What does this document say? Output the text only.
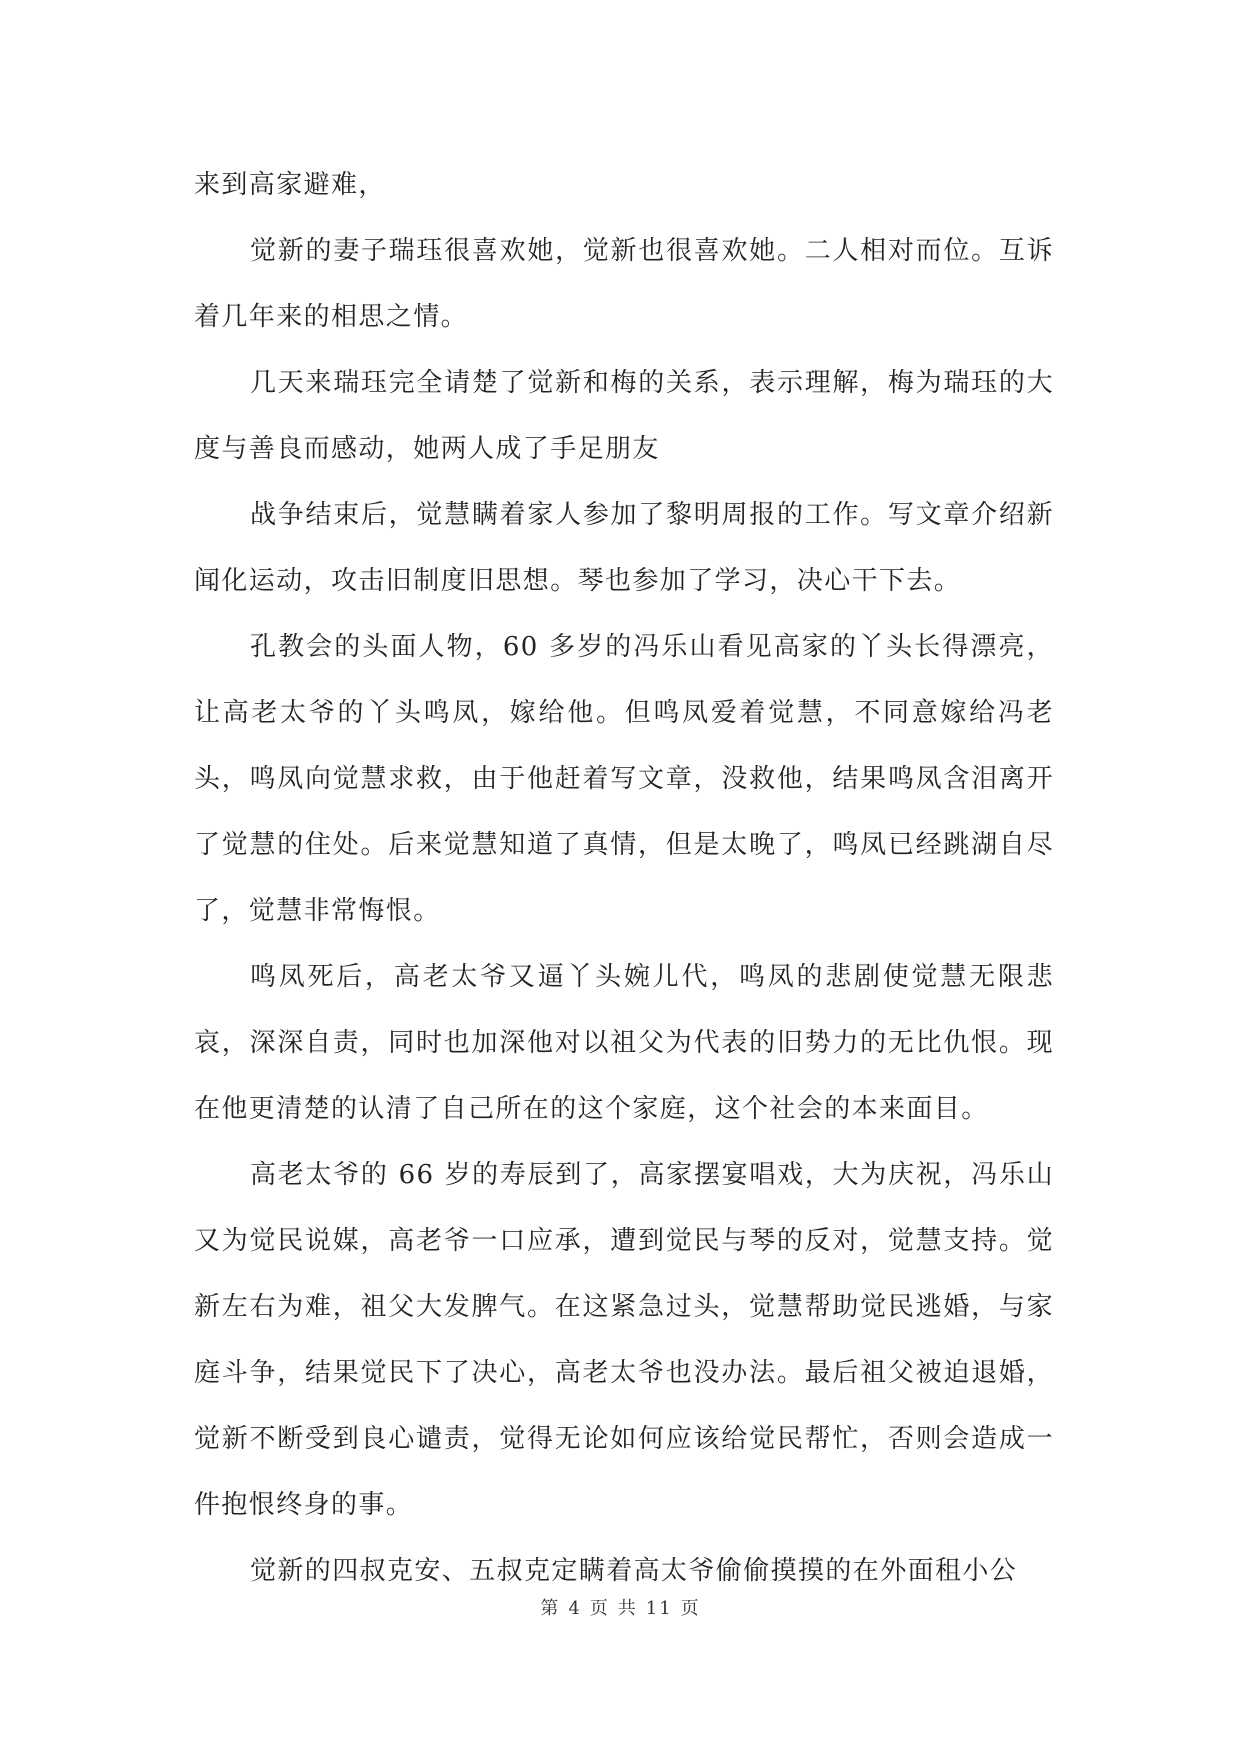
来到高家避难，

觉新的妻子瑞珏很喜欢她，觉新也很喜欢她。二人相对而位。互诉着几年来的相思之情。

几天来瑞珏完全请楚了觉新和梅的关系，表示理解，梅为瑞珏的大度与善良而感动，她两人成了手足朋友

战争结束后，觉慧瞒着家人参加了黎明周报的工作。写文章介绍新闻化运动，攻击旧制度旧思想。琴也参加了学习，决心干下去。

孔教会的头面人物，60 多岁的冯乐山看见高家的丫头长得漂亮，让高老太爷的丫头鸣凤，嫁给他。但鸣凤爱着觉慧，不同意嫁给冯老头，鸣凤向觉慧求救，由于他赶着写文章，没救他，结果鸣凤含泪离开了觉慧的住处。后来觉慧知道了真情，但是太晚了，鸣凤已经跳湖自尽了，觉慧非常悔恨。

鸣凤死后，高老太爷又逼丫头婉儿代，鸣凤的悲剧使觉慧无限悲哀，深深自责，同时也加深他对以祖父为代表的旧势力的无比仇恨。现在他更清楚的认清了自己所在的这个家庭，这个社会的本来面目。

高老太爷的 66 岁的寿辰到了，高家摆宴唱戏，大为庆祝，冯乐山又为觉民说媒，高老爷一口应承，遭到觉民与琴的反对，觉慧支持。觉新左右为难，祖父大发脾气。在这紧急过头，觉慧帮助觉民逃婚，与家庭斗争，结果觉民下了决心，高老太爷也没办法。最后祖父被迫退婚，觉新不断受到良心谴责，觉得无论如何应该给觉民帮忙，否则会造成一件抱恨终身的事。

觉新的四叔克安、五叔克定瞒着高太爷偷偷摸摸的在外面租小公

第 4 页 共 11 页
